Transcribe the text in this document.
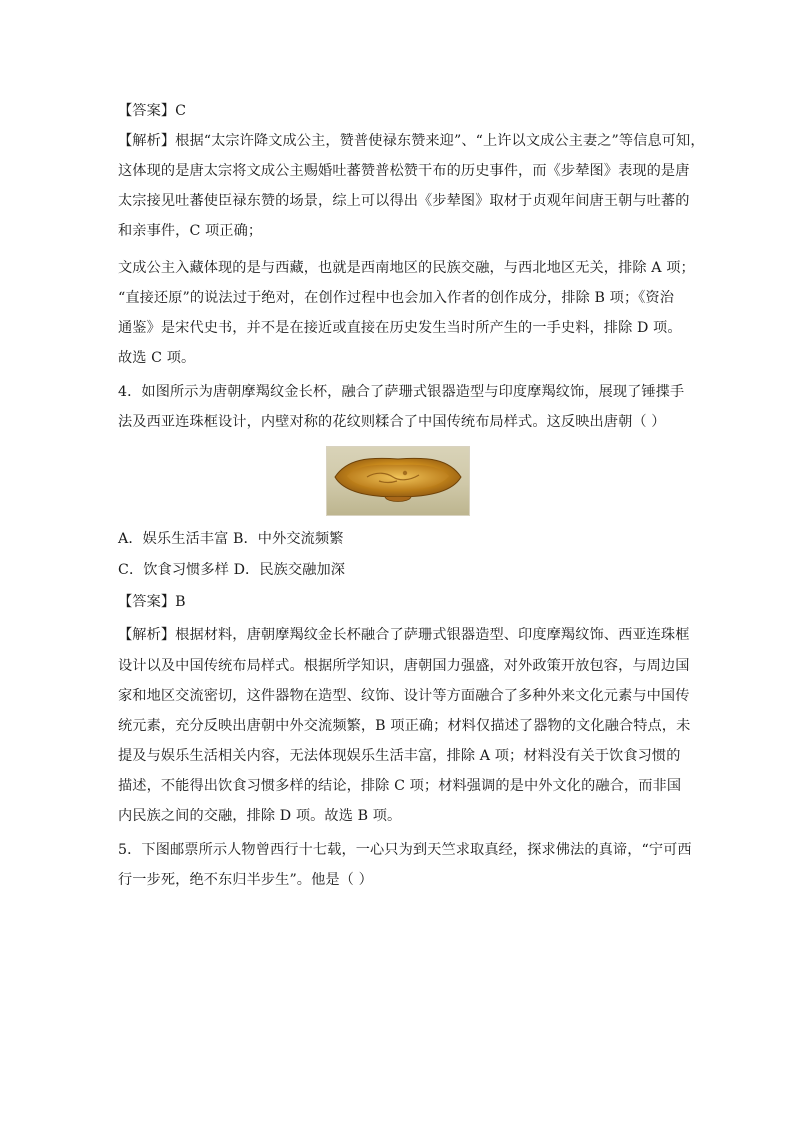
【答案】C
【解析】根据“太宗许降文成公主，赞普使禄东赞来迎”、“上许以文成公主妻之”等信息可知，
这体现的是唐太宗将文成公主赐婚吐蕃赞普松赞干布的历史事件，而《步辇图》表现的是唐
太宗接见吐蕃使臣禄东赞的场景，综上可以得出《步辇图》取材于贞观年间唐王朝与吐蕃的
和亲事件，C 项正确；
文成公主入藏体现的是与西藏，也就是西南地区的民族交融，与西北地区无关，排除 A 项；
“直接还原”的说法过于绝对，在创作过程中也会加入作者的创作成分，排除 B 项；《资治
通鉴》是宋代史书，并不是在接近或直接在历史发生当时所产生的一手史料，排除 D 项。
故选 C 项。
4．如图所示为唐朝摩羯纹金长杯，融合了萨珊式银器造型与印度摩羯纹饰，展现了锤揲手
法及西亚连珠框设计，内壁对称的花纹则糅合了中国传统布局样式。这反映出唐朝（ ）
A．娱乐生活丰富 B．中外交流频繁
C．饮食习惯多样 D．民族交融加深
【答案】B
【解析】根据材料，唐朝摩羯纹金长杯融合了萨珊式银器造型、印度摩羯纹饰、西亚连珠框
设计以及中国传统布局样式。根据所学知识，唐朝国力强盛，对外政策开放包容，与周边国
家和地区交流密切，这件器物在造型、纹饰、设计等方面融合了多种外来文化元素与中国传
统元素，充分反映出唐朝中外交流频繁，B 项正确；材料仅描述了器物的文化融合特点，未
提及与娱乐生活相关内容，无法体现娱乐生活丰富，排除 A 项；材料没有关于饮食习惯的
描述，不能得出饮食习惯多样的结论，排除 C 项；材料强调的是中外文化的融合，而非国
内民族之间的交融，排除 D 项。故选 B 项。
5．下图邮票所示人物曾西行十七载，一心只为到天竺求取真经，探求佛法的真谛，“宁可西
行一步死，绝不东归半步生”。他是（ ）
